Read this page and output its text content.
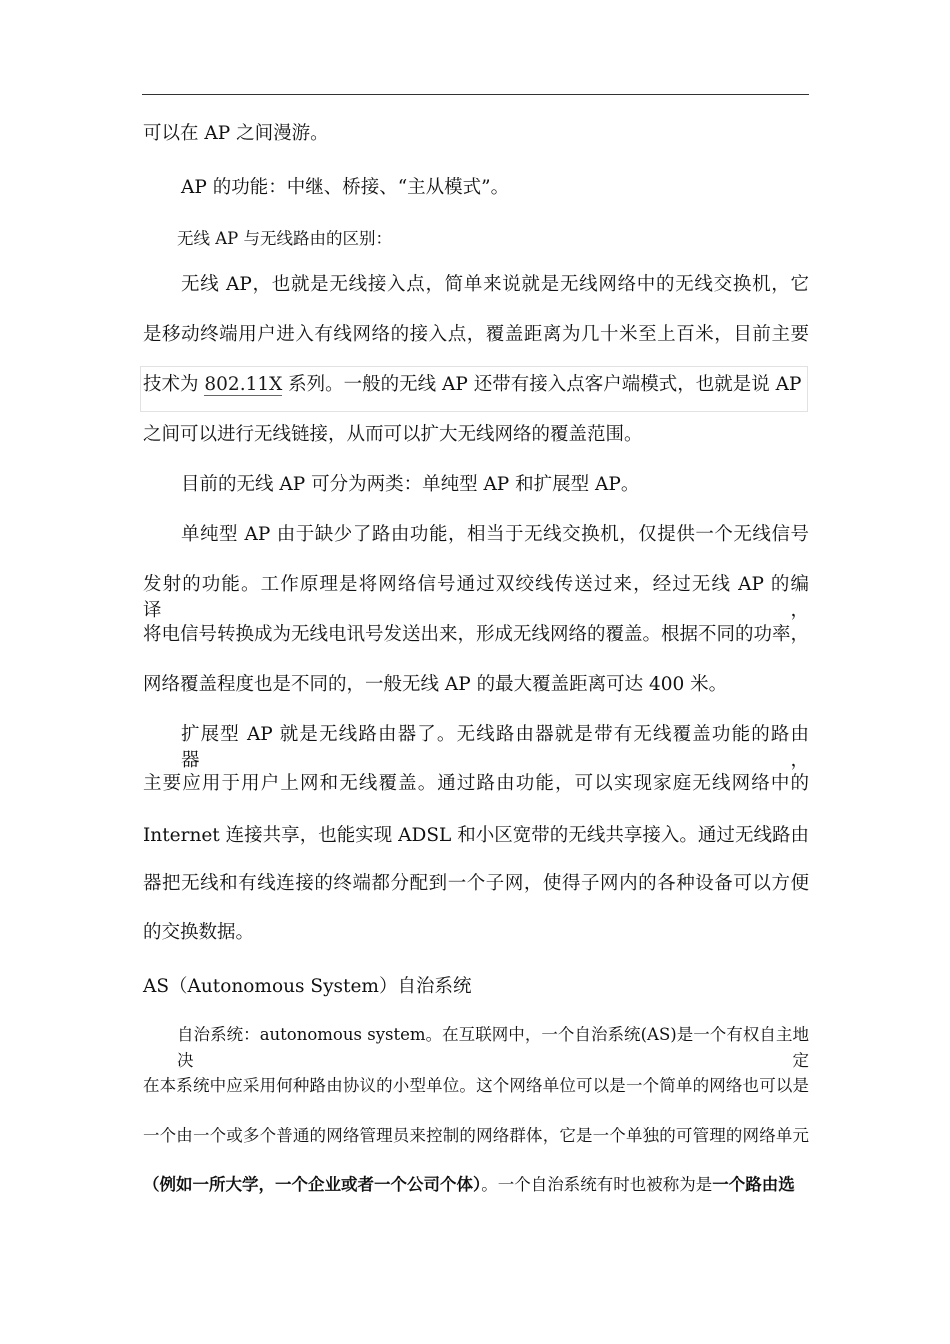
可以在 AP 之间漫游。
AP 的功能：中继、桥接、“主从模式”。
无线 AP 与无线路由的区别：
无线 AP，也就是无线接入点，简单来说就是无线网络中的无线交换机，它
是移动终端用户进入有线网络的接入点，覆盖距离为几十米至上百米，目前主要
技术为 802.11X 系列。一般的无线 AP 还带有接入点客户端模式，也就是说 AP
之间可以进行无线链接，从而可以扩大无线网络的覆盖范围。
目前的无线 AP 可分为两类：单纯型 AP 和扩展型 AP。
单纯型 AP 由于缺少了路由功能，相当于无线交换机，仅提供一个无线信号
发射的功能。工作原理是将网络信号通过双绞线传送过来，经过无线 AP 的编译，
将电信号转换成为无线电讯号发送出来，形成无线网络的覆盖。根据不同的功率，
网络覆盖程度也是不同的，一般无线 AP 的最大覆盖距离可达 400 米。
扩展型 AP 就是无线路由器了。无线路由器就是带有无线覆盖功能的路由器，
主要应用于用户上网和无线覆盖。通过路由功能，可以实现家庭无线网络中的
Internet 连接共享，也能实现 ADSL 和小区宽带的无线共享接入。通过无线路由
器把无线和有线连接的终端都分配到一个子网，使得子网内的各种设备可以方便
的交换数据。
AS（Autonomous System）自治系统
自治系统：autonomous system。在互联网中，一个自治系统(AS)是一个有权自主地决定
在本系统中应采用何种路由协议的小型单位。这个网络单位可以是一个简单的网络也可以是
一个由一个或多个普通的网络管理员来控制的网络群体，它是一个单独的可管理的网络单元
（例如一所大学，一个企业或者一个公司个体）。一个自治系统有时也被称为是一个路由选
